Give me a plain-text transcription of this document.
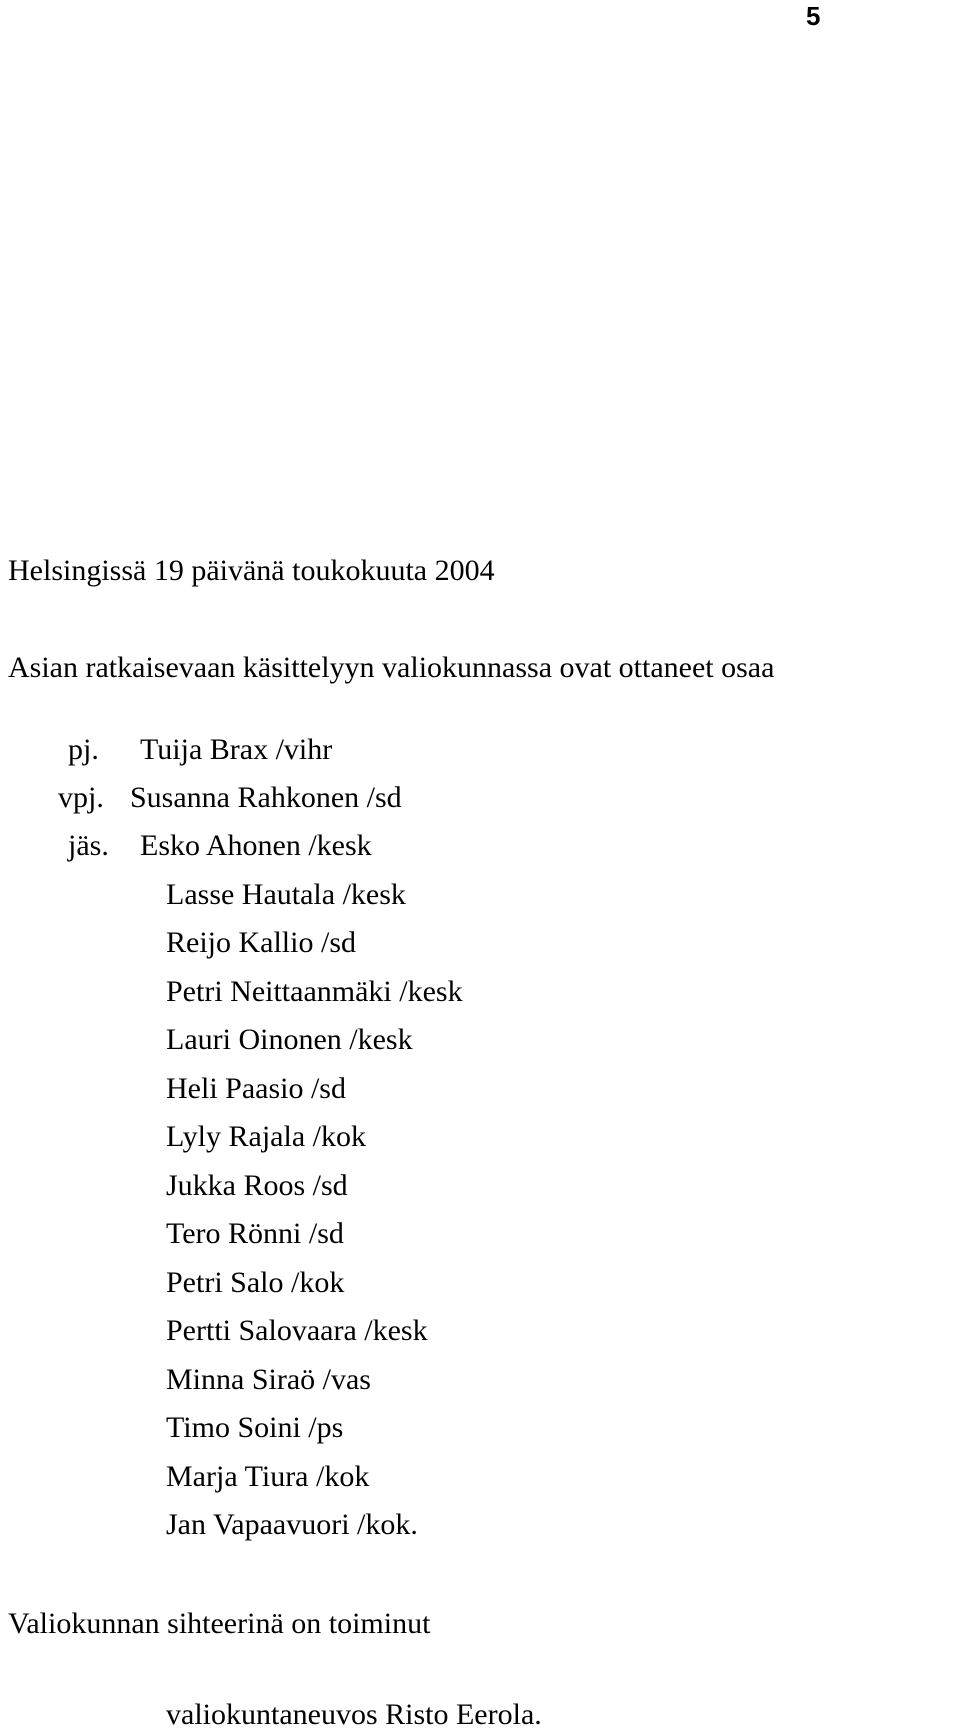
5
Helsingissä 19 päivänä toukokuuta 2004
Asian ratkaisevaan käsittelyyn valiokunnassa ovat ottaneet osaa
pj. Tuija Brax /vihr
vpj. Susanna Rahkonen /sd
jäs. Esko Ahonen /kesk
Lasse Hautala /kesk
Reijo Kallio /sd
Petri Neittaanmäki /kesk
Lauri Oinonen /kesk
Heli Paasio /sd
Lyly Rajala /kok
Jukka Roos /sd
Tero Rönni /sd
Petri Salo /kok
Pertti Salovaara /kesk
Minna Siraö /vas
Timo Soini /ps
Marja Tiura /kok
Jan Vapaavuori /kok.
Valiokunnan sihteerinä on toiminut
valiokuntaneuvos Risto Eerola.
